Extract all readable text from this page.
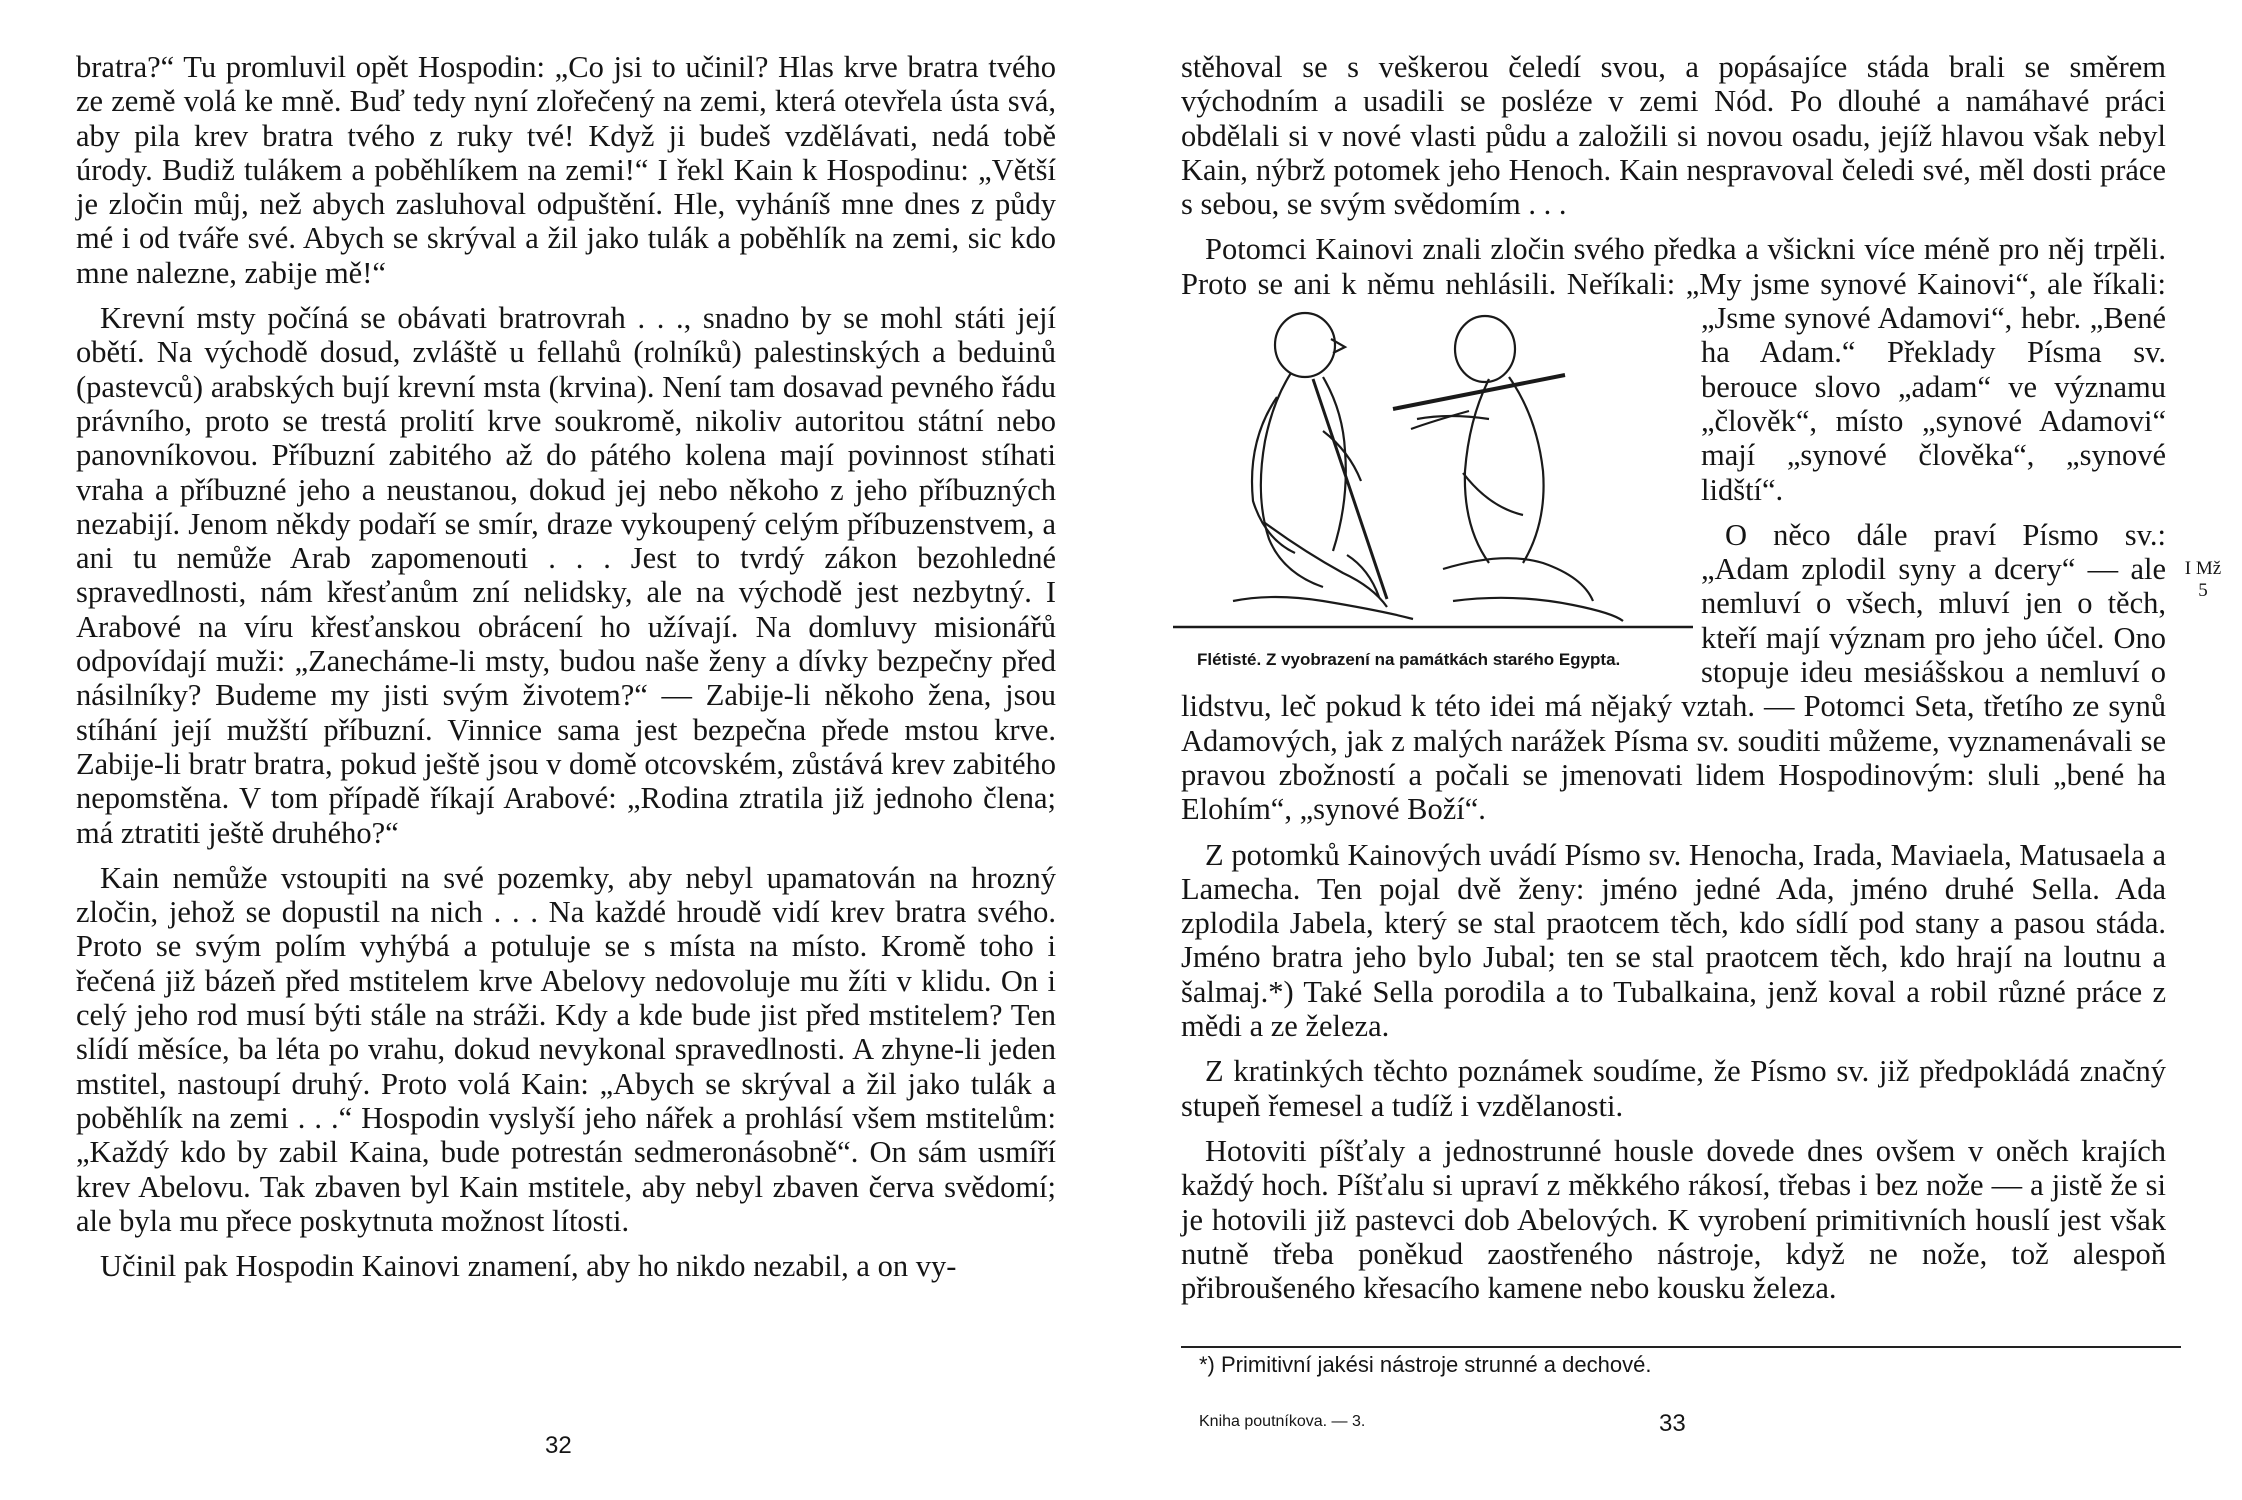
bratra?“ Tu promluvil opět Hospodin: „Co jsi to učinil? Hlas krve bratra tvého ze země volá ke mně. Buď tedy nyní zlořečený na zemi, která otevřela ústa svá, aby pila krev bratra tvého z ruky tvé! Když ji budeš vzdělávati, nedá tobě úrody. Budiž tulákem a poběhlíkem na zemi!“ I řekl Kain k Hospodinu: „Větší je zločin můj, než abych zasluhoval odpuštění. Hle, vyháníš mne dnes z půdy mé i od tváře své. Abych se skrýval a žil jako tulák a poběhlík na zemi, sic kdo mne nalezne, zabije mě!“

Krevní msty počíná se obávati bratrovrah . . ., snadno by se mohl státi její obětí. Na východě dosud, zvláště u fellahů (rolníků) palestinských a beduinů (pastevců) arabských bují krevní msta (krvina). Není tam dosavad pevného řádu právního, proto se trestá prolití krve soukromě, nikoliv autoritou státní nebo panovníkovou. Příbuzní zabitého až do pátého kolena mají povinnost stíhati vraha a příbuzné jeho a neustanou, dokud jej nebo někoho z jeho příbuzných nezabijí. Jenom někdy podaří se smír, draze vykoupený celým příbuzenstvem, a ani tu nemůže Arab zapomenouti . . . Jest to tvrdý zákon bezohledné spravedlnosti, nám křesťanům zní nelidsky, ale na východě jest nezbytný. I Arabové na víru křesťanskou obrácení ho užívají. Na domluvy misionářů odpovídají muži: „Zanecháme-li msty, budou naše ženy a dívky bezpečny před násilníky? Budeme my jisti svým životem?“ — Zabije-li někoho žena, jsou stíhání její mužští příbuzní. Vinnice sama jest bezpečna přede mstou krve. Zabije-li bratr bratra, pokud ještě jsou v domě otcovském, zůstává krev zabitého nepomstěna. V tom případě říkají Arabové: „Rodina ztratila již jednoho člena; má ztratiti ještě druhého?“

Kain nemůže vstoupiti na své pozemky, aby nebyl upamatován na hrozný zločin, jehož se dopustil na nich . . . Na každé hroudě vidí krev bratra svého. Proto se svým polím vyhýbá a potuluje se s místa na místo. Kromě toho i řečená již bázeň před mstitelem krve Abelovy nedovoluje mu žíti v klidu. On i celý jeho rod musí býti stále na stráži. Kdy a kde bude jist před mstitelem? Ten slídí měsíce, ba léta po vrahu, dokud nevykonal spravedlnosti. A zhyne-li jeden mstitel, nastoupí druhý. Proto volá Kain: „Abych se skrýval a žil jako tulák a poběhlík na zemi . . .“ Hospodin vyslyší jeho nářek a prohlásí všem mstitelům: „Každý kdo by zabil Kaina, bude potrestán sedmeronásobně“. On sám usmíří krev Abelovu. Tak zbaven byl Kain mstitele, aby nebyl zbaven červa svědomí; ale byla mu přece poskytnuta možnost lítosti.

Učinil pak Hospodin Kainovi znamení, aby ho nikdo nezabil, a on vy-

32

stěhoval se s veškerou čeledí svou, a popásajíce stáda brali se směrem východním a usadili se posléze v zemi Nód. Po dlouhé a namáhavé práci obdělali si v nové vlasti půdu a založili si novou osadu, jejíž hlavou však nebyl Kain, nýbrž potomek jeho Henoch. Kain nespravoval čeledi své, měl dosti práce s sebou, se svým svědomím . . .

Potomci Kainovi znali zločin svého předka a všickni více méně pro něj trpěli. Proto se ani k němu nehlásili. Neříkali: „My jsme synové
Flétisté. Z vyobrazení na památkách starého Egypta.
Kainovi“, ale říkali: „Jsme synové Adamovi“, hebr. „Bené ha Adam.“ Překlady Písma sv. berouce slovo „adam“ ve významu „člověk“, místo „synové Adamovi“ mají „synové člověka“, „synové lidští“.

O něco dále praví Písmo sv.: „Adam zplodil syny a dcery“ — ale nemluví o všech, mluví jen o těch, kteří mají význam pro jeho účel. Ono stopuje ideu mesiášskou a nemluví o lidstvu, leč pokud k této idei má nějaký vztah. — Potomci Seta, třetího ze synů Adamových, jak z malých narážek Písma sv. souditi můžeme, vyznamenávali se pravou zbožností a počali se jmenovati lidem Hospodinovým: sluli „bené ha Elohím“, „synové Boží“.

Z potomků Kainových uvádí Písmo sv. Henocha, Irada, Maviaela, Matusaela a Lamecha. Ten pojal dvě ženy: jméno jedné Ada, jméno druhé Sella. Ada zplodila Jabela, který se stal praotcem těch, kdo sídlí pod stany a pasou stáda. Jméno bratra jeho bylo Jubal; ten se stal praotcem těch, kdo hrají na loutnu a šalmaj.*) Také Sella porodila a to Tubalkaina, jenž koval a robil různé práce z mědi a ze železa.

Z kratinkých těchto poznámek soudíme, že Písmo sv. již předpokládá značný stupeň řemesel a tudíž i vzdělanosti.

Hotoviti píšťaly a jednostrunné housle dovede dnes ovšem v oněch krajích každý hoch. Píšťalu si upraví z měkkého rákosí, třebas i bez nože — a jistě že si je hotovili již pastevci dob Abelových. K vyrobení primitivních houslí jest však nutně třeba poněkud zaostřeného nástroje, když ne nože, tož alespoň přibroušeného křesacího kamene nebo kousku železa.

I Mž
5
*) Primitivní jakési nástroje strunné a dechové.
Kniha poutníkova. — 3.	33
